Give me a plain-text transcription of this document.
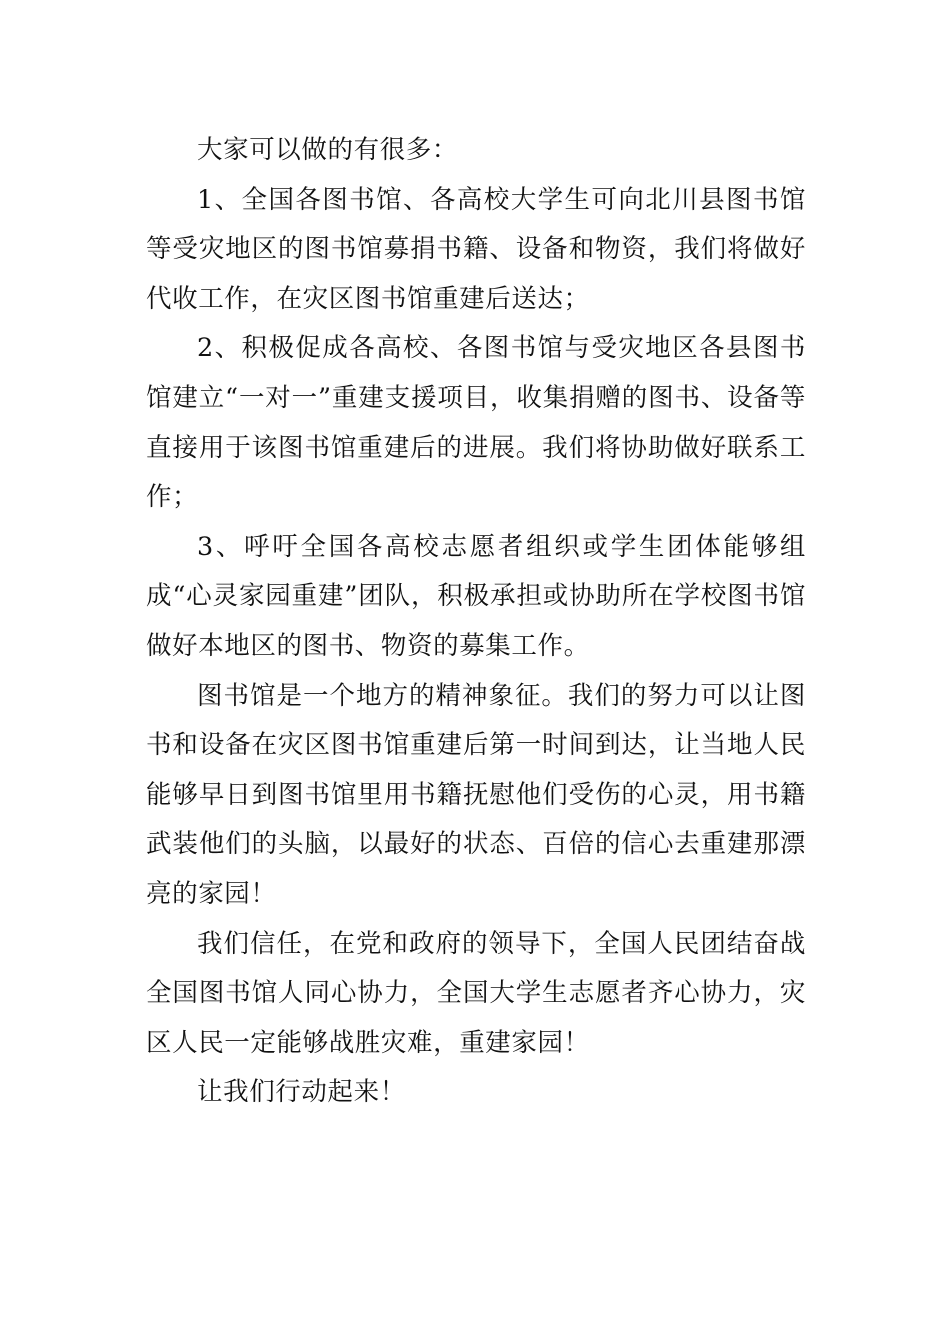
大家可以做的有很多：

1、全国各图书馆、各高校大学生可向北川县图书馆等受灾地区的图书馆募捐书籍、设备和物资，我们将做好代收工作，在灾区图书馆重建后送达；

2、积极促成各高校、各图书馆与受灾地区各县图书馆建立“一对一”重建支援项目，收集捐赠的图书、设备等直接用于该图书馆重建后的进展。我们将协助做好联系工作；

3、呼吁全国各高校志愿者组织或学生团体能够组成“心灵家园重建”团队，积极承担或协助所在学校图书馆做好本地区的图书、物资的募集工作。

图书馆是一个地方的精神象征。我们的努力可以让图书和设备在灾区图书馆重建后第一时间到达，让当地人民能够早日到图书馆里用书籍抚慰他们受伤的心灵，用书籍武装他们的头脑，以最好的状态、百倍的信心去重建那漂亮的家园！

我们信任，在党和政府的领导下，全国人民团结奋战全国图书馆人同心协力，全国大学生志愿者齐心协力，灾区人民一定能够战胜灾难，重建家园！

让我们行动起来！
